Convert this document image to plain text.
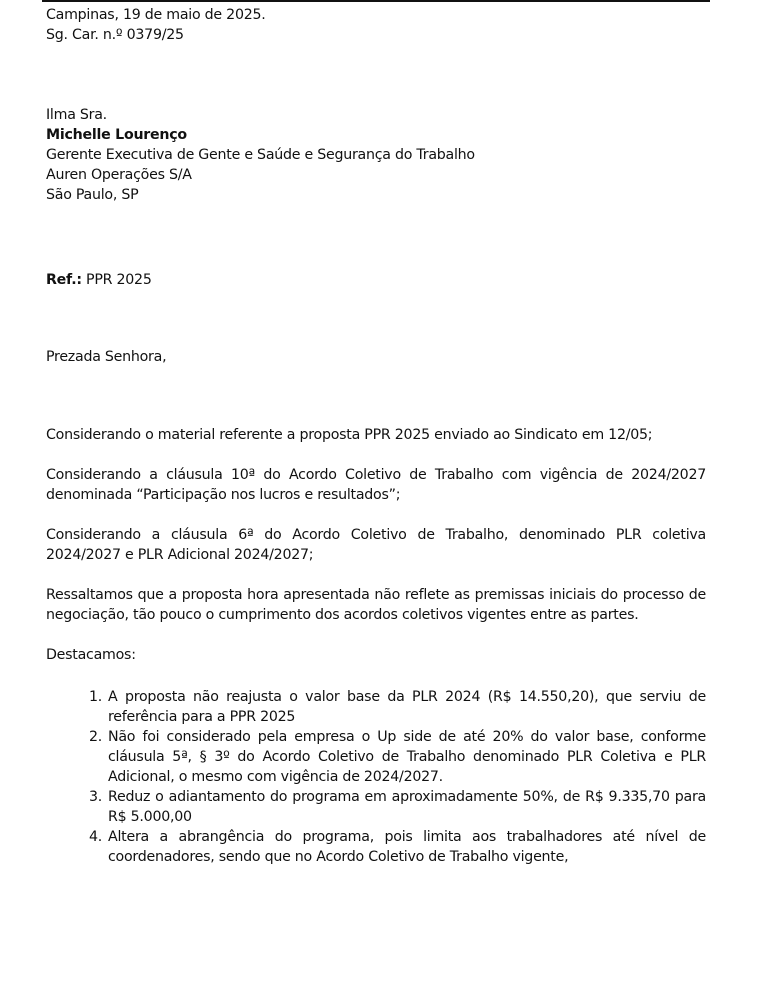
Campinas, 19 de maio de 2025.
Sg. Car. n.º 0379/25
Ilma Sra.
Michelle Lourenço
Gerente Executiva de Gente e Saúde e Segurança do Trabalho
Auren Operações S/A
São Paulo, SP
Ref.: PPR 2025
Prezada Senhora,

Considerando o material referente a proposta PPR 2025 enviado ao Sindicato em 12/05;

Considerando a cláusula 10ª do Acordo Coletivo de Trabalho com vigência de 2024/2027 denominada “Participação nos lucros e resultados”;

Considerando a cláusula 6ª do Acordo Coletivo de Trabalho, denominado PLR coletiva 2024/2027 e PLR Adicional 2024/2027;

Ressaltamos que a proposta hora apresentada não reflete as premissas iniciais do processo de negociação, tão pouco o cumprimento dos acordos coletivos vigentes entre as partes.

Destacamos:
1. A proposta não reajusta o valor base da PLR 2024 (R$ 14.550,20), que serviu de referência para a PPR 2025
2. Não foi considerado pela empresa o Up side de até 20% do valor base, conforme cláusula 5ª, § 3º do Acordo Coletivo de Trabalho denominado PLR Coletiva e PLR Adicional, o mesmo com vigência de 2024/2027.
3. Reduz o adiantamento do programa em aproximadamente 50%, de R$ 9.335,70 para R$ 5.000,00
4. Altera a abrangência do programa, pois limita aos trabalhadores até nível de coordenadores, sendo que no Acordo Coletivo de Trabalho vigente,
